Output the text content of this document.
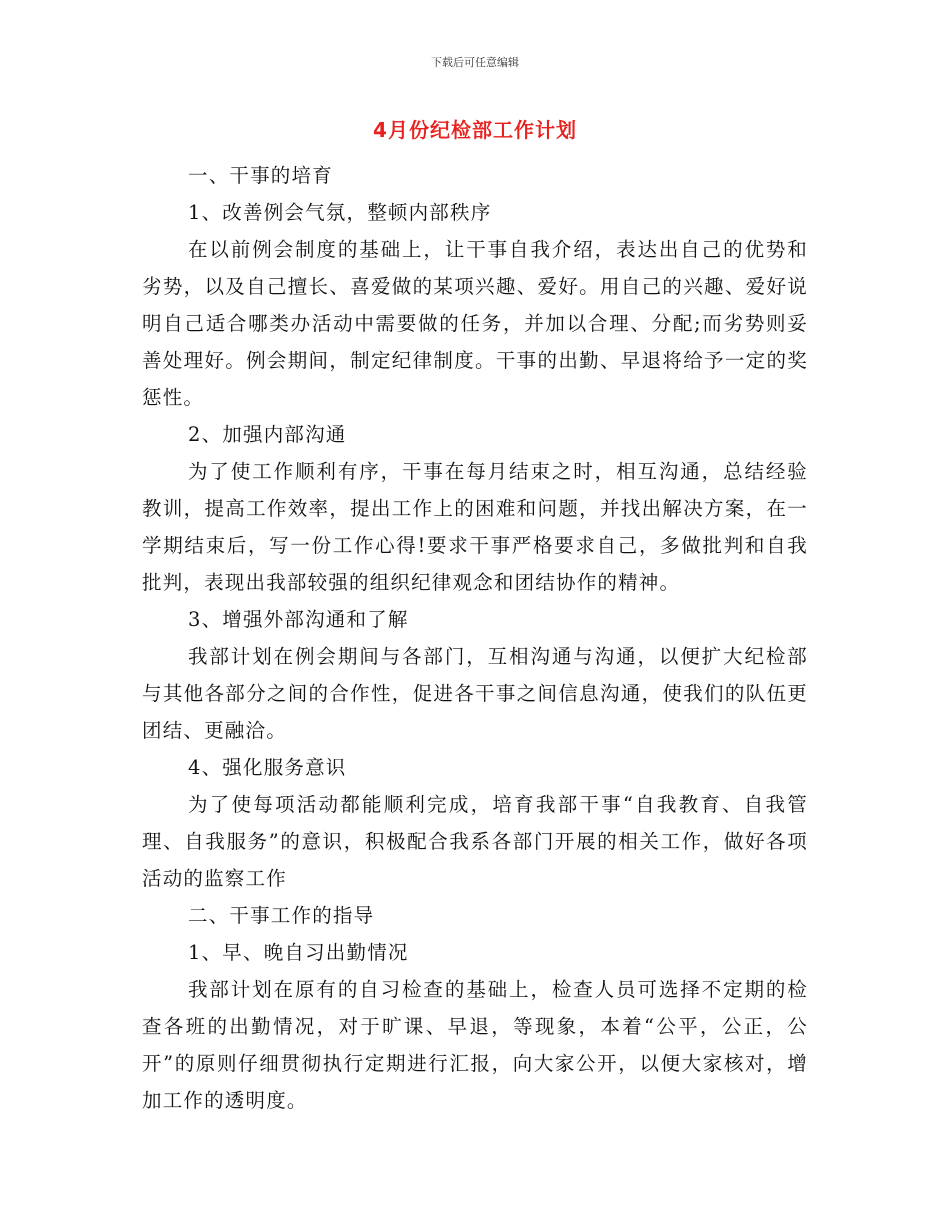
下载后可任意编辑
4月份纪检部工作计划

一、干事的培育

1、改善例会气氛，整顿内部秩序

在以前例会制度的基础上，让干事自我介绍，表达出自己的优势和劣势，以及自己擅长、喜爱做的某项兴趣、爱好。用自己的兴趣、爱好说明自己适合哪类办活动中需要做的任务，并加以合理、分配;而劣势则妥善处理好。例会期间，制定纪律制度。干事的出勤、早退将给予一定的奖惩性。

2、加强内部沟通

为了使工作顺利有序，干事在每月结束之时，相互沟通，总结经验教训，提高工作效率，提出工作上的困难和问题，并找出解决方案，在一学期结束后，写一份工作心得!要求干事严格要求自己，多做批判和自我批判，表现出我部较强的组织纪律观念和团结协作的精神。

3、增强外部沟通和了解

我部计划在例会期间与各部门，互相沟通与沟通，以便扩大纪检部与其他各部分之间的合作性，促进各干事之间信息沟通，使我们的队伍更团结、更融洽。

4、强化服务意识

为了使每项活动都能顺利完成，培育我部干事“自我教育、自我管理、自我服务”的意识，积极配合我系各部门开展的相关工作，做好各项活动的监察工作

二、干事工作的指导

1、早、晚自习出勤情况

我部计划在原有的自习检查的基础上，检查人员可选择不定期的检查各班的出勤情况，对于旷课、早退，等现象，本着“公平，公正，公开”的原则仔细贯彻执行定期进行汇报，向大家公开，以便大家核对，增加工作的透明度。
